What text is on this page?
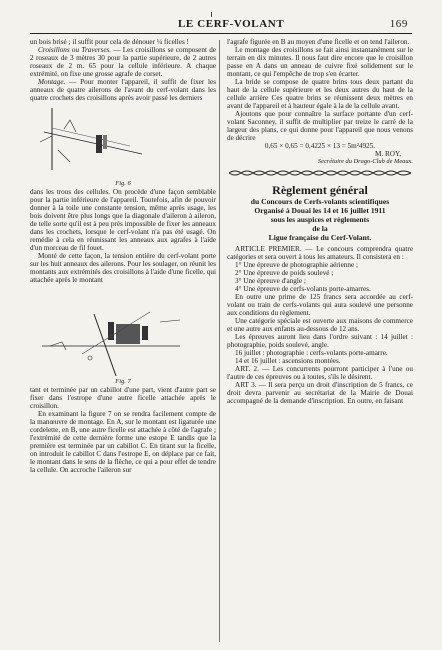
LE CERF-VOLANT	169

un bois brisé ; il suffit pour cela de dénouer ¼ ficelles !

Croisillons ou Traverses. — Les croisillons se composent de 2 roseaux de 3 mètres 30 pour la partie supérieure, de 2 autres roseaux de 2 m. 65 pour la cellule inférieure. A chaque extrémité, on fixe une grosse agrafe de corset.

Montage. — Pour monter l'appareil, il suffit de fixer les anneaux de quatre ailerons de l'avant du cerf-volant dans les quatre crochets des croisillons après avoir passé les derniers

Fig. 6

dans les trous des cellules. On procède d'une façon semblable pour la partie inférieure de l'appareil. Toutefois, afin de pouvoir donner à la toile une constante tension, même après usage, les bois doivent être plus longs que la diagonale d'aileron à aileron, de telle sorte qu'il est à peu près impossible de fixer les anneaux dans les crochets, lorsque le cerf-volant n'a pas été usagé. On remédie à cela en réunissant les anneaux aux agrafes à l'aide d'un morceau de fil fouet.

Monté de cette façon, la tension entière du cerf-volant porte sur les huit anneaux des ailerons. Pour les soulager, on réunit les montants aux extrémités des croisillons à l'aide d'une ficelle, qui attachée après le montant

Fig. 7

tant et terminée par un cabillot d'une part, vient d'autre part se fixer dans l'estrope d'une autre ficelle attachée après le croisillon.

En examinant la figure 7 on se rendra facilement compte de la manœuvre de montage. En A, sur le montant est ligaturée une cordelette, en B, une autre ficelle est attachée à côté de l'agrafe ; l'extrémité de cette dernière forme une estope E tandis que la première est terminée par un cabillot C. En tirant sur la ficelle, on introduit le cabillot C dans l'estrope E, on déplace par ce fait, le montant dans le sens de la flèche, ce qui a pour effet de tendre la cellule. On accroche l'aileron sur

l'agrafe figurée en B au moyen d'une ficelle et on tend l'aileron.

Le montage des croisillons se fait ainsi instantanément sur le terrain en dix minutes. Il nous faut dire encore que le croisillon passe en A dans un anneau de cuivre fixé solidement sur le montant, ce qui l'empêche de trop s'en écarter.

La bride se compose de quatre brins tous deux partant du haut de la cellule supérieure et les deux autres du haut de la cellule arrière Ces quatre brins se réunissent deux mètres en avant de l'appareil et à hauteur égale à la de la cellule avant.

Ajoutons que pour connaître la surface portante d'un cerf-volant Saconney, il suffit de multiplier par treize le carré de la largeur des plans, ce qui donne pour l'appareil que nous venons de décrire

0,65 × 0,65 = 0,4225 × 13 = 5m²4925.

M. ROY,

Secrétaire du Drago-Club de Meaux.

Règlement général
du Concours de Cerfs-volants scientifiques
Organisé à Douai les 14 et 16 juillet 1911
sous les auspices et règlements
de la
Ligue française du Cerf-Volant.

ARTICLE PREMIER. — Le concours comprendra quatre catégories et sera ouvert à tous les amateurs. Il consistera en :

1° Une épreuve de photographie aérienne ;

2° Une épreuve de poids soulevé ;

3° Une épreuve d'angle ;

4° Une épreuve de cerfs-volants porte-amarres.

En outre une prime de 125 francs sera accordée au cerf-volant ou train de cerfs-volants qui aura soulevé une personne aux conditions du règlement.

Une catégorie spéciale est ouverte aux maisons de commerce et une autre aux enfants au-dessous de 12 ans.

Les épreuves auront lieu dans l'ordre suivant : 14 juillet : photographie, poids soulevé, angle.

16 juillet : photographie : cerfs-volants porte-amarre.

14 et 16 juillet : ascensions montées.

ART. 2. — Les concurrents pourront participer à l'une ou l'autre de ces épreuves ou à toutes, s'ils le désirent.

ART 3. — Il sera perçu un droit d'inscription de 5 francs, ce droit devra parvenir au secrétariat de la Mairie de Douai accompagné de la demande d'inscription. En outre, en faisant
